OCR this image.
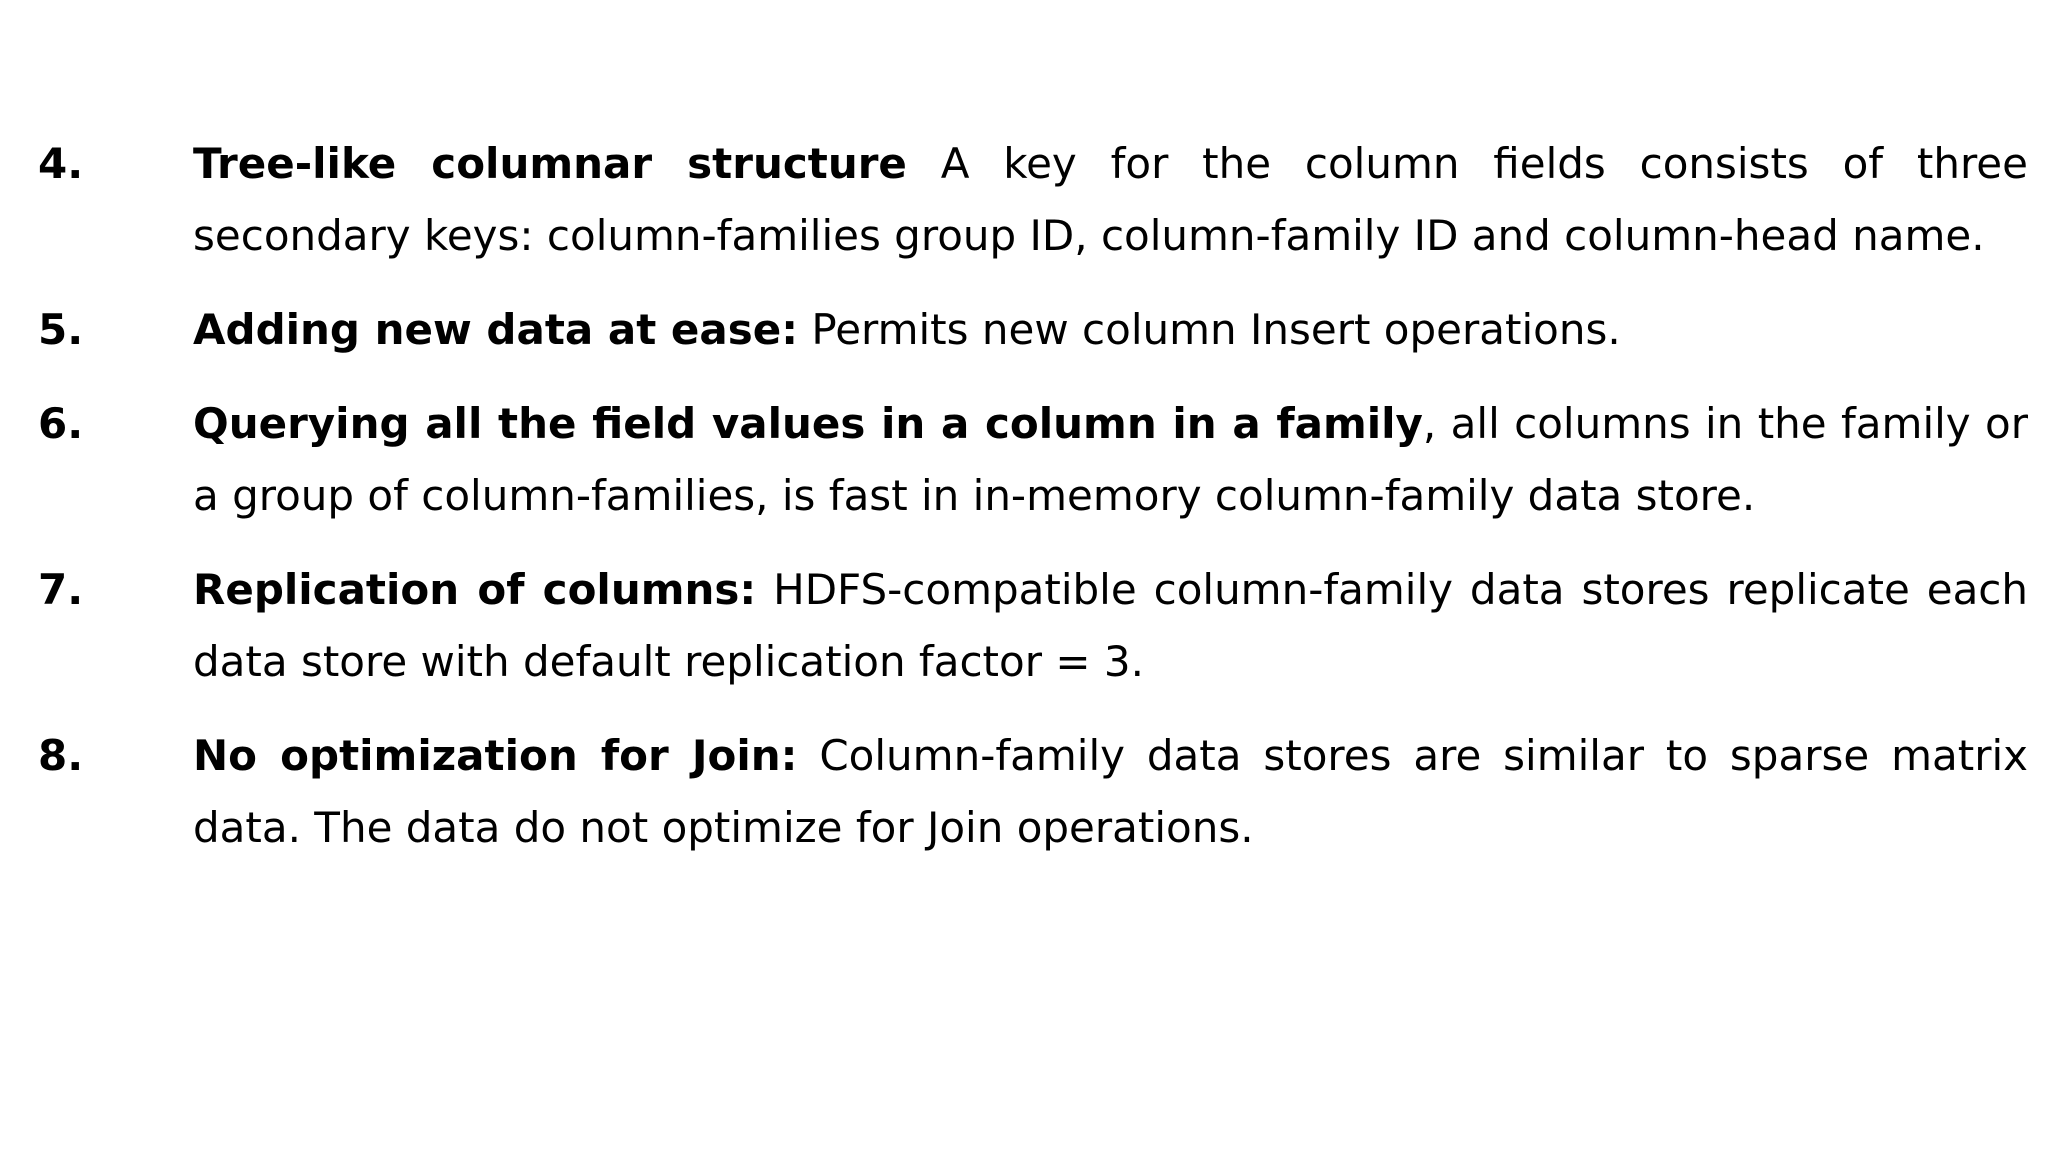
4.	Tree-like columnar structure A key for the column fields consists of three secondary keys: column-families group ID, column-family ID and column-head name.
5.	Adding new data at ease: Permits new column Insert operations.
6.	Querying all the field values in a column in a family, all columns in the family or a group of column-families, is fast in in-memory column-family data store.
7.	Replication of columns: HDFS-compatible column-family data stores replicate each data store with default replication factor = 3.
8.	No optimization for Join: Column-family data stores are similar to sparse matrix data. The data do not optimize for Join operations.
